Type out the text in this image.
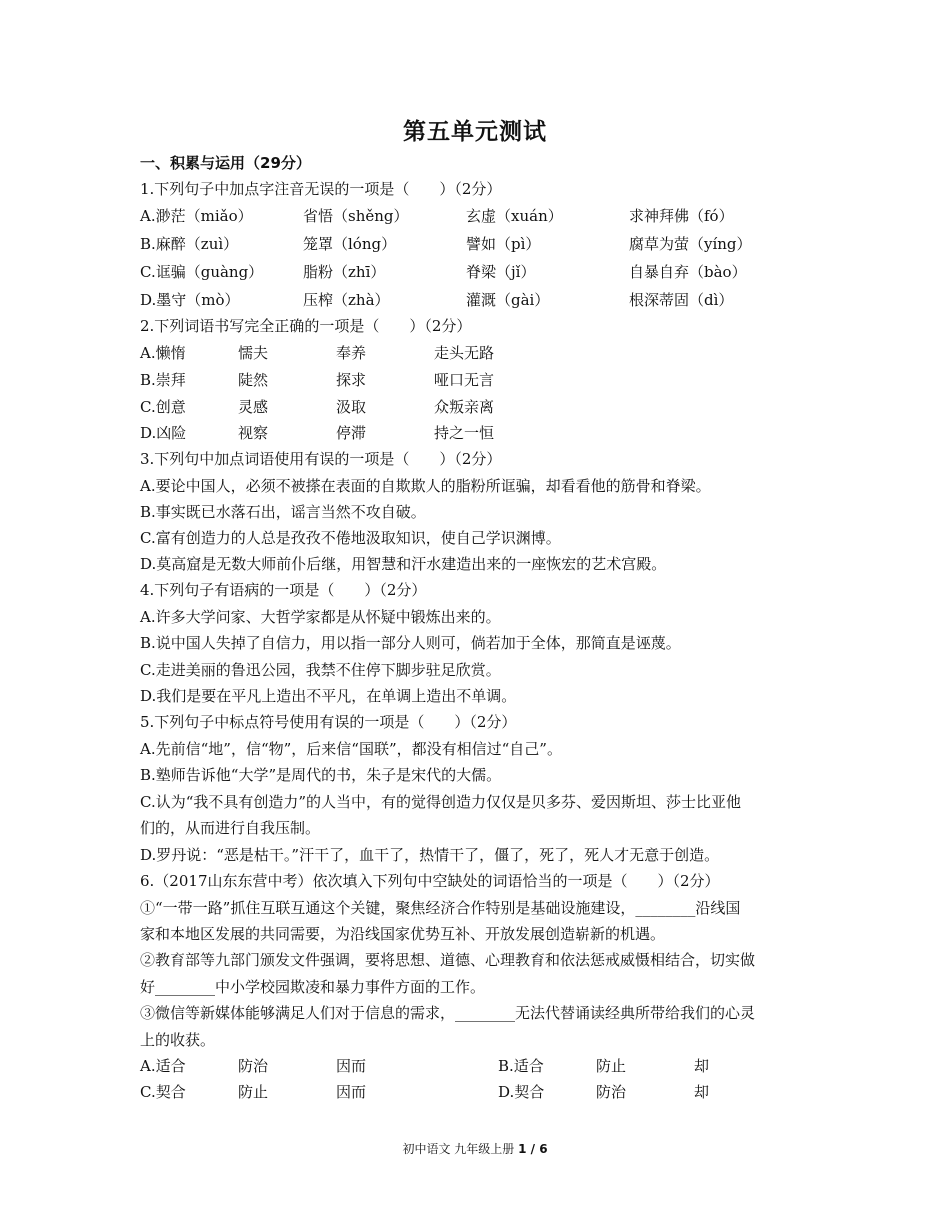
第五单元测试
一、积累与运用（29分）
1.下列句子中加点字注音无误的一项是（　　）（2分）
A.渺茫（miǎo）	省悟（shěng）	玄虚（xuán）	求神拜佛（fó）
B.麻醉（zuì）	笼罩（lóng）	譬如（pì）	腐草为萤（yíng）
C.诓骗（guàng）	脂粉（zhī）	脊梁（jǐ）	自暴自弃（bào）
D.墨守（mò）	压榨（zhà）	灌溉（gài）	根深蒂固（dì）
2.下列词语书写完全正确的一项是（　　）（2分）
A.懒惰	懦夫	奉养	走头无路
B.崇拜	陡然	探求	哑口无言
C.创意	灵感	汲取	众叛亲离
D.凶险	视察	停滞	持之一恒
3.下列句中加点词语使用有误的一项是（　　）（2分）
A.要论中国人，必须不被搽在表面的自欺欺人的脂粉所诓骗，却看看他的筋骨和脊梁。
B.事实既已水落石出，谣言当然不攻自破。
C.富有创造力的人总是孜孜不倦地汲取知识，使自己学识渊博。
D.莫高窟是无数大师前仆后继，用智慧和汗水建造出来的一座恢宏的艺术宫殿。
4.下列句子有语病的一项是（　　）（2分）
A.许多大学问家、大哲学家都是从怀疑中锻炼出来的。
B.说中国人失掉了自信力，用以指一部分人则可，倘若加于全体，那简直是诬蔑。
C.走进美丽的鲁迅公园，我禁不住停下脚步驻足欣赏。
D.我们是要在平凡上造出不平凡，在单调上造出不单调。
5.下列句子中标点符号使用有误的一项是（　　）（2分）
A.先前信“地”，信“物”，后来信“国联”，都没有相信过“自己”。
B.塾师告诉他“大学”是周代的书，朱子是宋代的大儒。
C.认为“我不具有创造力”的人当中，有的觉得创造力仅仅是贝多芬、爱因斯坦、莎士比亚他
们的，从而进行自我压制。
D.罗丹说：“恶是枯干。”汗干了，血干了，热情干了，僵了，死了，死人才无意于创造。
6.（2017山东东营中考）依次填入下列句中空缺处的词语恰当的一项是（　　）（2分）
①“一带一路”抓住互联互通这个关键，聚焦经济合作特别是基础设施建设，________沿线国
家和本地区发展的共同需要，为沿线国家优势互补、开放发展创造崭新的机遇。
②教育部等九部门颁发文件强调，要将思想、道德、心理教育和依法惩戒威慑相结合，切实做
好________中小学校园欺凌和暴力事件方面的工作。
③微信等新媒体能够满足人们对于信息的需求，________无法代替诵读经典所带给我们的心灵
上的收获。
A.适合	防治	因而	B.适合	防止	却
C.契合	防止	因而	D.契合	防治	却
初中语文 九年级上册 1 / 6
